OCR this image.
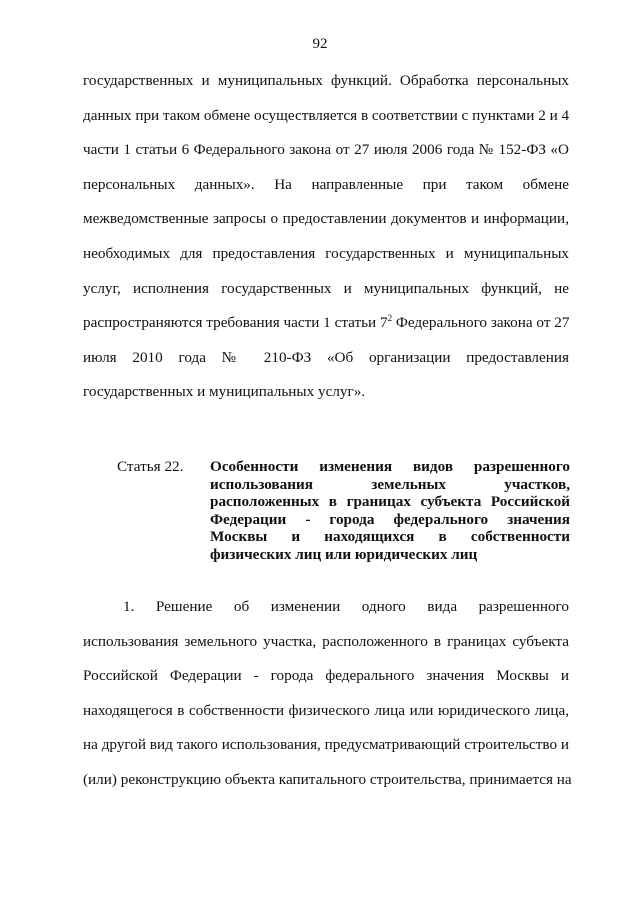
92
государственных и муниципальных функций. Обработка персональных
данных при таком обмене осуществляется в соответствии с пунктами 2 и 4
части 1 статьи 6 Федерального закона от 27 июля 2006 года № 152-ФЗ «О
персональных данных». На направленные при таком обмене
межведомственные запросы о предоставлении документов и информации,
необходимых для предоставления государственных и муниципальных
услуг, исполнения государственных и муниципальных функций, не
распространяются требования части 1 статьи $7^2$ Федерального закона от 27
июля 2010 года № 210-ФЗ «Об организации предоставления
государственных и муниципальных услуг».
Статья 22. Особенности изменения видов разрешенного
использования земельных участков,
расположенных в границах субъекта Российской
Федерации - города федерального значения
Москвы и находящихся в собственности
физических лиц или юридических лиц
1. Решение об изменении одного вида разрешенного
использования земельного участка, расположенного в границах субъекта
Российской Федерации - города федерального значения Москвы и
находящегося в собственности физического лица или юридического лица,
на другой вид такого использования, предусматривающий строительство и
(или) реконструкцию объекта капитального строительства, принимается на
